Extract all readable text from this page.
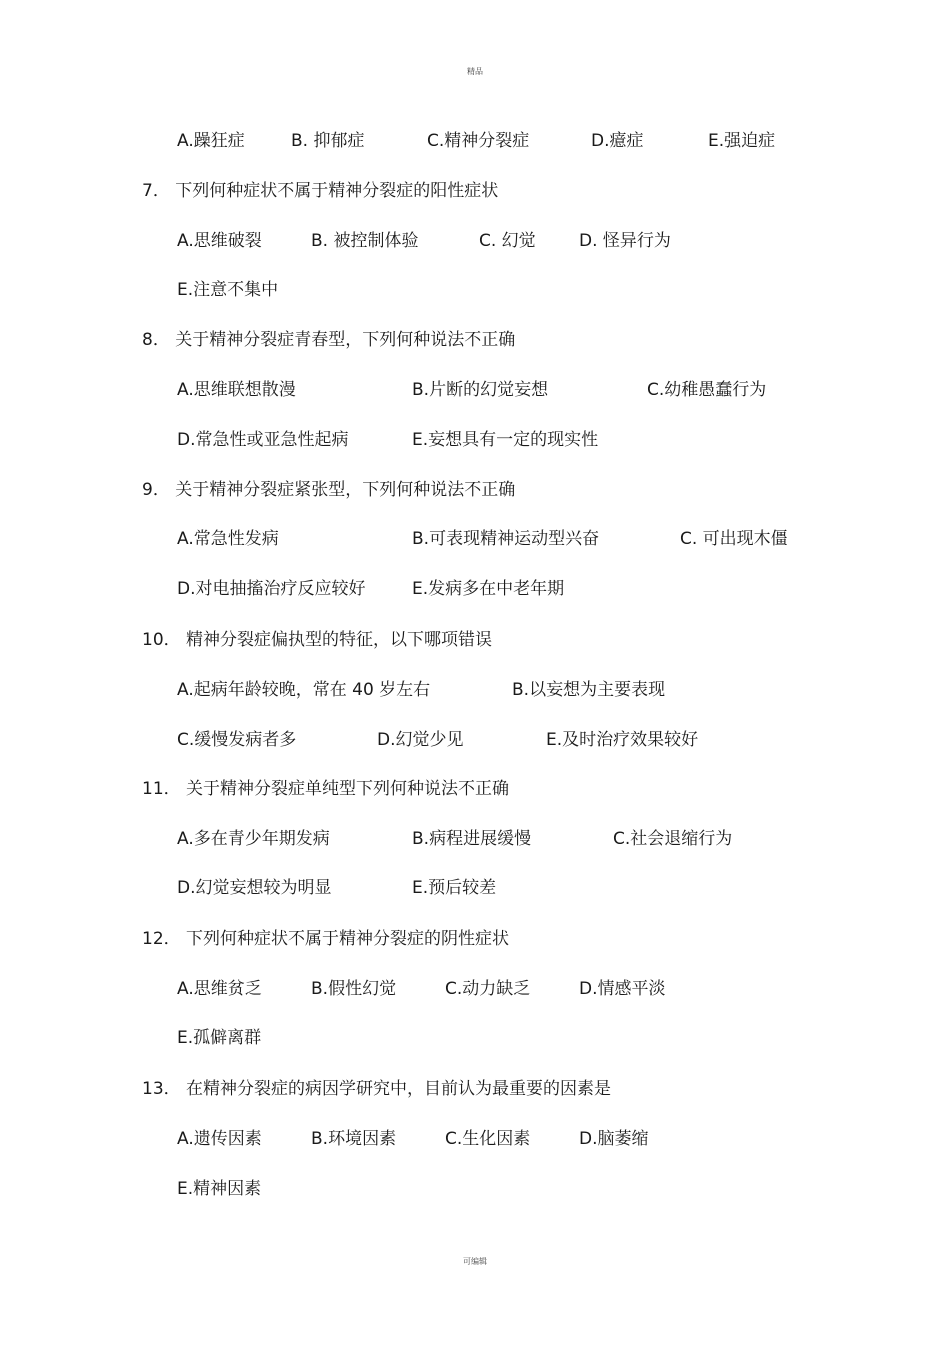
精品
A.躁狂症	B. 抑郁症	C.精神分裂症	D.癔症	E.强迫症
7． 下列何种症状不属于精神分裂症的阳性症状
A.思维破裂	B. 被控制体验	C. 幻觉	D. 怪异行为
E.注意不集中
8． 关于精神分裂症青春型，下列何种说法不正确
A.思维联想散漫	B.片断的幻觉妄想	C.幼稚愚蠢行为
D.常急性或亚急性起病	E.妄想具有一定的现实性
9． 关于精神分裂症紧张型，下列何种说法不正确
A.常急性发病	B.可表现精神运动型兴奋	C. 可出现木僵
D.对电抽搐治疗反应较好	E.发病多在中老年期
10． 精神分裂症偏执型的特征，以下哪项错误
A.起病年龄较晚，常在 40 岁左右	B.以妄想为主要表现
C.缓慢发病者多	D.幻觉少见	E.及时治疗效果较好
11． 关于精神分裂症单纯型下列何种说法不正确
A.多在青少年期发病	B.病程进展缓慢	C.社会退缩行为
D.幻觉妄想较为明显	E.预后较差
12． 下列何种症状不属于精神分裂症的阴性症状
A.思维贫乏	B.假性幻觉	C.动力缺乏	D.情感平淡
E.孤僻离群
13． 在精神分裂症的病因学研究中，目前认为最重要的因素是
A.遗传因素	B.环境因素	C.生化因素	D.脑萎缩
E.精神因素
可编辑
